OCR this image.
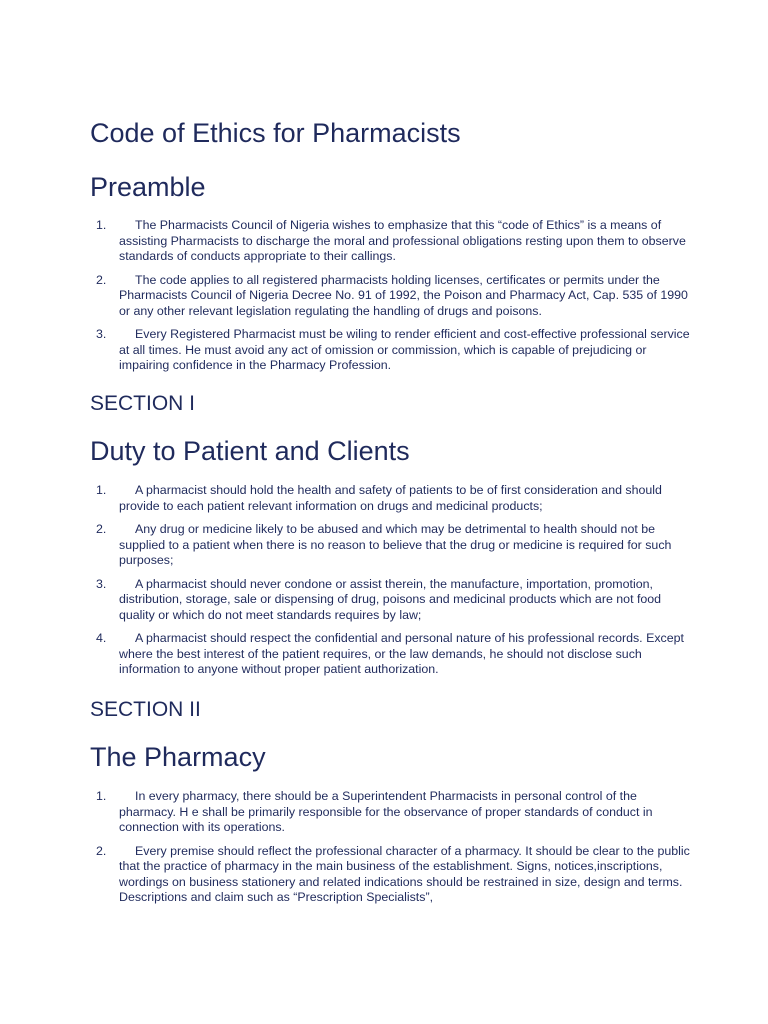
Code of Ethics for Pharmacists
Preamble
1.	The Pharmacists Council of Nigeria wishes to emphasize that this “code of Ethics” is a means of assisting Pharmacists to discharge the moral and professional obligations resting upon them to observe standards of conducts appropriate to their callings.
2.	The code applies to all registered pharmacists holding licenses, certificates or permits under the Pharmacists Council of Nigeria Decree No. 91 of 1992, the Poison and Pharmacy Act, Cap. 535 of 1990 or any other relevant legislation regulating the handling of drugs and poisons.
3.	Every Registered Pharmacist must be wiling to render efficient and cost-effective professional service at all times. He must avoid any act of omission or commission, which is capable of prejudicing or impairing confidence in the Pharmacy Profession.
SECTION I
Duty to Patient and Clients
1.	A pharmacist should hold the health and safety of patients to be of first consideration and should provide to each patient relevant information on drugs and medicinal products;
2.	Any drug or medicine likely to be abused and which may be detrimental to health should not be supplied to a patient when there is no reason to believe that the drug or medicine is required for such purposes;
3.	A pharmacist should never condone or assist therein, the manufacture, importation, promotion, distribution, storage, sale or dispensing of drug, poisons and medicinal products which are not food quality or which do not meet standards requires by law;
4.	A pharmacist should respect the confidential and personal nature of his professional records. Except where the best interest of the patient requires, or the law demands, he should not disclose such information to anyone without proper patient authorization.
SECTION II
The Pharmacy
1.	In every pharmacy, there should be a Superintendent Pharmacists in personal control of the pharmacy. H e shall be primarily responsible for the observance of proper standards of conduct in connection with its operations.
2.	Every premise should reflect the professional character of a pharmacy. It should be clear to the public that the practice of pharmacy in the main business of the establishment. Signs, notices,inscriptions, wordings on business stationery and related indications should be restrained in size, design and terms. Descriptions and claim such as “Prescription Specialists”,
